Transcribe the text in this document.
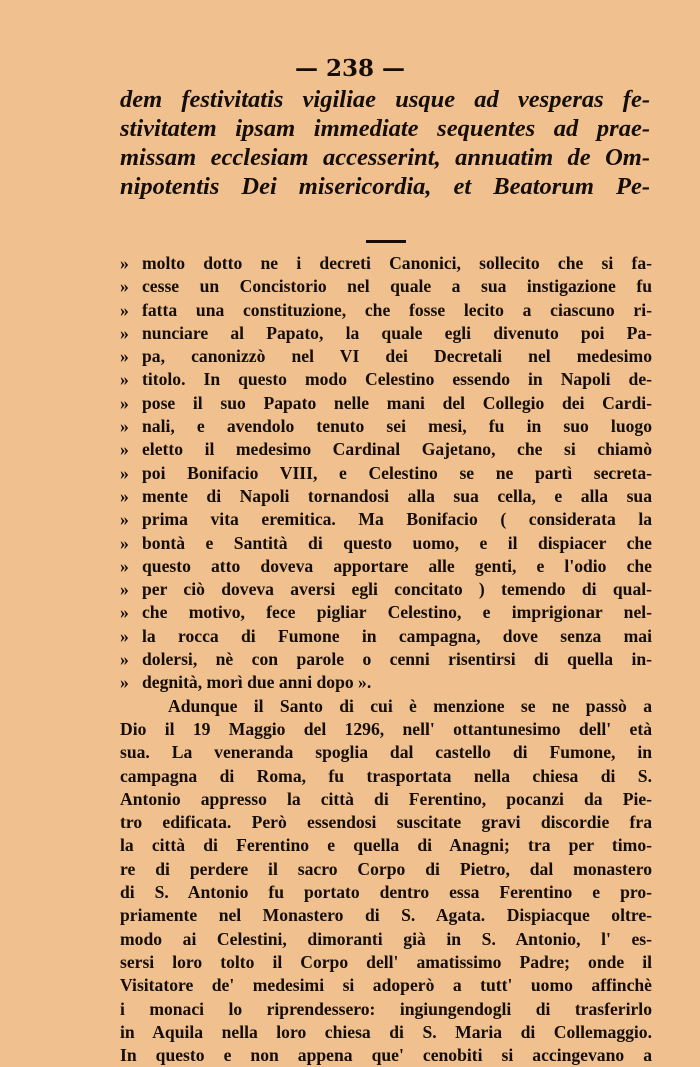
— 238 —
dem festivitatis vigiliae usque ad vesperas fe-
stivitatem ipsam immediate sequentes ad prae-
missam ecclesiam accesserint, annuatim de Om-
nipotentis Dei misericordia, et Beatorum Pe-
» molto dotto ne i decreti Canonici, sollecito che si fa-
» cesse un Concistorio nel quale a sua instigazione fu
» fatta una constituzione, che fosse lecito a ciascuno ri-
» nunciare al Papato, la quale egli divenuto poi Pa-
» pa, canonizzò nel VI dei Decretali nel medesimo
» titolo. In questo modo Celestino essendo in Napoli de-
» pose il suo Papato nelle mani del Collegio dei Cardi-
» nali, e avendolo tenuto sei mesi, fu in suo luogo
» eletto il medesimo Cardinal Gajetano, che si chiamò
» poi Bonifacio VIII, e Celestino se ne partì secreta-
» mente di Napoli tornandosi alla sua cella, e alla sua
» prima vita eremitica. Ma Bonifacio ( considerata la
» bontà e Santità di questo uomo, e il dispiacer che
» questo atto doveva apportare alle genti, e l'odio che
» per ciò doveva aversi egli concitato ) temendo di qual-
» che motivo, fece pigliar Celestino, e imprigionar nel-
» la rocca di Fumone in campagna, dove senza mai
» dolersi, nè con parole o cenni risentirsi di quella in-
» degnità, morì due anni dopo ».
Adunque il Santo di cui è menzione se ne passò a
Dio il 19 Maggio del 1296, nell' ottantunesimo dell' età
sua. La veneranda spoglia dal castello di Fumone, in
campagna di Roma, fu trasportata nella chiesa di S.
Antonio appresso la città di Ferentino, pocanzi da Pie-
tro edificata. Però essendosi suscitate gravi discordie fra
la città di Ferentino e quella di Anagni; tra per timo-
re di perdere il sacro Corpo di Pietro, dal monastero
di S. Antonio fu portato dentro essa Ferentino e pro-
priamente nel Monastero di S. Agata. Dispiacque oltre-
modo ai Celestini, dimoranti già in S. Antonio, l' es-
sersi loro tolto il Corpo dell' amatissimo Padre; onde il
Visitatore de' medesimi si adoperò a tutt' uomo affinchè
i monaci lo riprendessero: ingiungendogli di trasferirlo
in Aquila nella loro chiesa di S. Maria di Collemaggio.
In questo e non appena que' cenobiti si accingevano a
